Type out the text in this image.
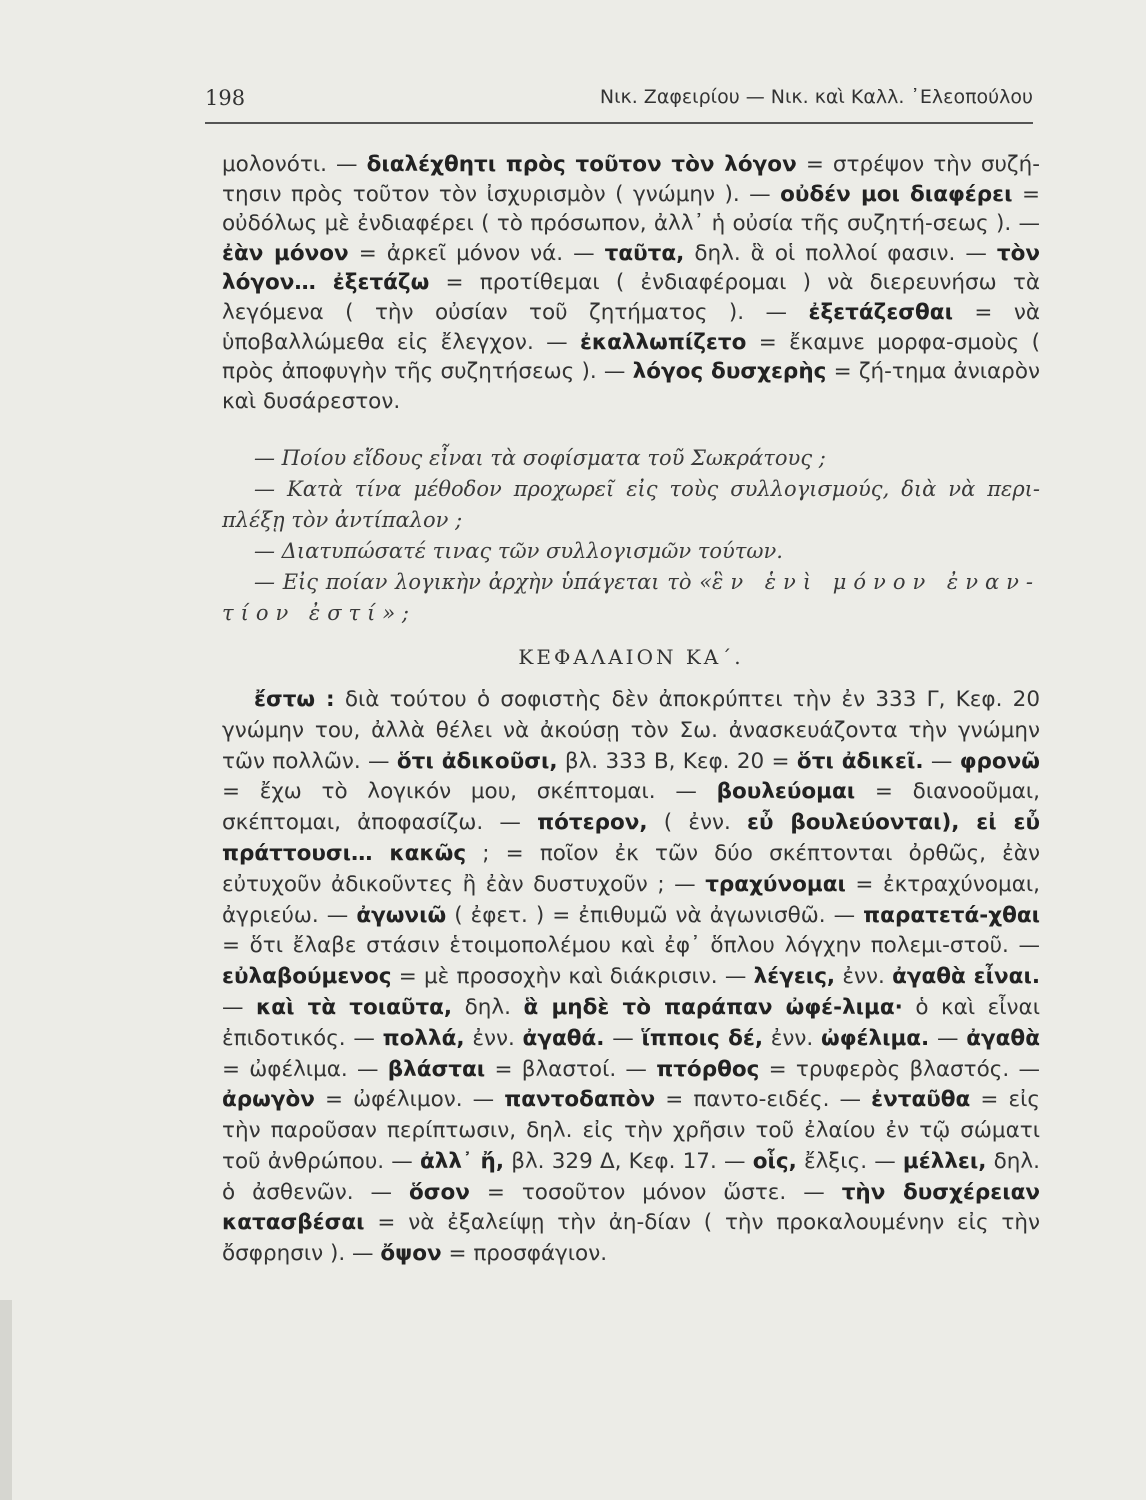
198	Νικ. Ζαφειρίου — Νικ. καὶ Καλλ. ᾿Ελεοπούλου

μολονότι. — διαλέχθητι πρὸς τοῦτον τὸν λόγον = στρέψον τὴν συζή-τησιν πρὸς τοῦτον τὸν ἰσχυρισμὸν ( γνώμην ). — οὐδέν μοι διαφέρει = οὐδόλως μὲ ἐνδιαφέρει ( τὸ πρόσωπον, ἀλλ᾿ ἡ οὐσία τῆς συζητή-σεως ). — ἐὰν μόνον = ἀρκεῖ μόνον νά. — ταῦτα, δηλ. ἃ οἱ πολλοί φασιν. — τὸν λόγον… ἐξετάζω = προτίθεμαι ( ἐνδιαφέρομαι ) νὰ διερευνήσω τὰ λεγόμενα ( τὴν οὐσίαν τοῦ ζητήματος ). — ἐξετάζεσθαι = νὰ ὑποβαλλώμεθα εἰς ἔλεγχον. — ἐκαλλωπίζετο = ἔκαμνε μορφα-σμοὺς ( πρὸς ἀποφυγὴν τῆς συζητήσεως ). — λόγος δυσχερὴς = ζή-τημα ἀνιαρὸν καὶ δυσάρεστον.

— Ποίου εἴδους εἶναι τὰ σοφίσματα τοῦ Σωκράτους ;

— Κατὰ τίνα μέθοδον προχωρεῖ εἰς τοὺς συλλογισμούς, διὰ νὰ περι-πλέξῃ τὸν ἀντίπαλον ;

— Διατυπώσατέ τινας τῶν συλλογισμῶν τούτων.

— Εἰς ποίαν λογικὴν ἀρχὴν ὑπάγεται τὸ «ἓν ἑνὶ μόνον ἐναν-τίον ἐστί» ;

ΚΕΦΑΛΑΙΟΝ ΚΑ΄.

ἔστω : διὰ τούτου ὁ σοφιστὴς δὲν ἀποκρύπτει τὴν ἐν 333 Γ, Κεφ. 20 γνώμην του, ἀλλὰ θέλει νὰ ἀκούσῃ τὸν Σω. ἀνασκευάζοντα τὴν γνώμην τῶν πολλῶν. — ὅτι ἀδικοῦσι, βλ. 333 Β, Κεφ. 20 = ὅτι ἀδικεῖ. — φρονῶ = ἔχω τὸ λογικόν μου, σκέπτομαι. — βουλεύομαι = διανοοῦμαι, σκέπτομαι, ἀποφασίζω. — πότερον, ( ἐνν. εὖ βουλεύονται), εἰ εὖ πράττουσι… κακῶς ; = ποῖον ἐκ τῶν δύο σκέπτονται ὀρθῶς, ἐὰν εὐτυχοῦν ἀδικοῦντες ἢ ἐὰν δυστυχοῦν ; — τραχύνομαι = ἐκτραχύνομαι, ἀγριεύω. — ἀγωνιῶ ( ἐφετ. ) = ἐπιθυμῶ νὰ ἀγωνισθῶ. — παρατετά-χθαι = ὅτι ἔλαβε στάσιν ἑτοιμοπολέμου καὶ ἐφ᾿ ὅπλου λόγχην πολεμι-στοῦ. — εὐλαβούμενος = μὲ προσοχὴν καὶ διάκρισιν. — λέγεις, ἐνν. ἀγαθὰ εἶναι. — καὶ τὰ τοιαῦτα, δηλ. ἃ μηδὲ τὸ παράπαν ὠφέ-λιμα· ὁ καὶ εἶναι ἐπιδοτικός. — πολλά, ἐνν. ἀγαθά. — ἵπποις δέ, ἐνν. ὠφέλιμα. — ἀγαθὰ = ὠφέλιμα. — βλάσται = βλαστοί. — πτόρθος = τρυφερὸς βλαστός. — ἀρωγὸν = ὠφέλιμον. — παντοδαπὸν = παντο-ειδές. — ἐνταῦθα = εἰς τὴν παροῦσαν περίπτωσιν, δηλ. εἰς τὴν χρῆσιν τοῦ ἐλαίου ἐν τῷ σώματι τοῦ ἀνθρώπου. — ἀλλ᾿ ἤ, βλ. 329 Δ, Κεφ. 17. — οἷς, ἔλξις. — μέλλει, δηλ. ὁ ἀσθενῶν. — ὅσον = τοσοῦτον μόνον ὥστε. — τὴν δυσχέρειαν κατασβέσαι = νὰ ἐξαλείψῃ τὴν ἀη-δίαν ( τὴν προκαλουμένην εἰς τὴν ὄσφρησιν ). — ὄψον = προσφάγιον.
